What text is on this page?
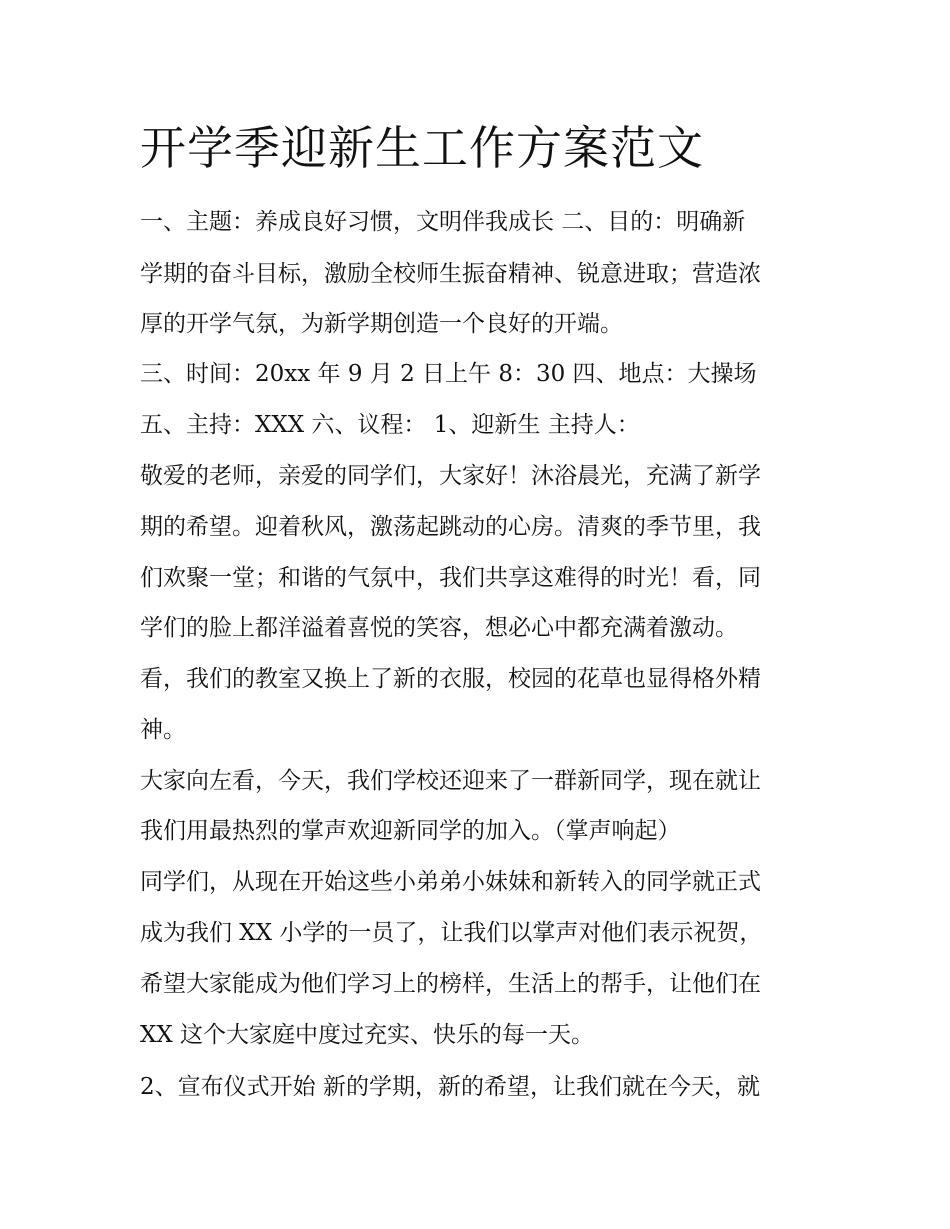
开学季迎新生工作方案范文

一、主题：养成良好习惯，文明伴我成长 二、目的：明确新

学期的奋斗目标，激励全校师生振奋精神、锐意进取；营造浓

厚的开学气氛，为新学期创造一个良好的开端。

三、时间：20xx 年 9 月 2 日上午 8：30 四、地点：大操场

五、主持：XXX 六、议程： 1、迎新生 主持人：

敬爱的老师，亲爱的同学们，大家好！沐浴晨光，充满了新学

期的希望。迎着秋风，激荡起跳动的心房。清爽的季节里，我

们欢聚一堂；和谐的气氛中，我们共享这难得的时光！看，同

学们的脸上都洋溢着喜悦的笑容，想必心中都充满着激动。

看，我们的教室又换上了新的衣服，校园的花草也显得格外精

神。

大家向左看，今天，我们学校还迎来了一群新同学，现在就让

我们用最热烈的掌声欢迎新同学的加入。（掌声响起）

同学们，从现在开始这些小弟弟小妹妹和新转入的同学就正式

成为我们 XX 小学的一员了，让我们以掌声对他们表示祝贺，

希望大家能成为他们学习上的榜样，生活上的帮手，让他们在

XX 这个大家庭中度过充实、快乐的每一天。

2、宣布仪式开始 新的学期，新的希望，让我们就在今天，就
